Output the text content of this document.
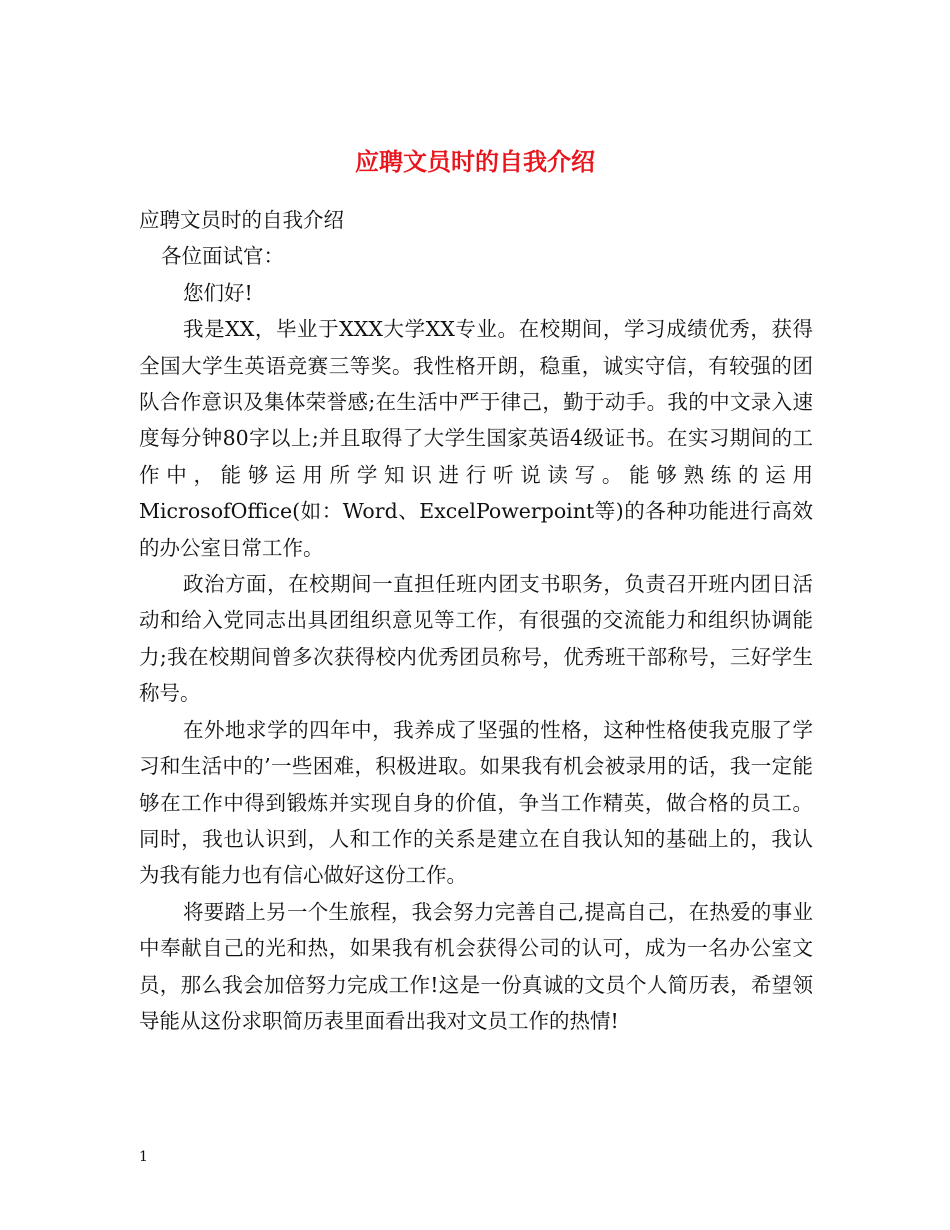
应聘文员时的自我介绍

应聘文员时的自我介绍

各位面试官：

您们好!

我是XX，毕业于XXX大学XX专业。在校期间，学习成绩优秀，获得全国大学生英语竞赛三等奖。我性格开朗，稳重，诚实守信，有较强的团队合作意识及集体荣誉感;在生活中严于律己，勤于动手。我的中文录入速度每分钟80字以上;并且取得了大学生国家英语4级证书。在实习期间的工作中，能够运用所学知识进行听说读写。能够熟练的运用MicrosofOffice(如：Word、ExcelPowerpoint等)的各种功能进行高效的办公室日常工作。

政治方面，在校期间一直担任班内团支书职务，负责召开班内团日活动和给入党同志出具团组织意见等工作，有很强的交流能力和组织协调能力;我在校期间曾多次获得校内优秀团员称号，优秀班干部称号，三好学生称号。

在外地求学的四年中，我养成了坚强的性格，这种性格使我克服了学习和生活中的’一些困难，积极进取。如果我有机会被录用的话，我一定能够在工作中得到锻炼并实现自身的价值，争当工作精英，做合格的员工。同时，我也认识到，人和工作的关系是建立在自我认知的基础上的，我认为我有能力也有信心做好这份工作。

将要踏上另一个生旅程，我会努力完善自己,提高自己，在热爱的事业中奉献自己的光和热，如果我有机会获得公司的认可，成为一名办公室文员，那么我会加倍努力完成工作!这是一份真诚的文员个人简历表，希望领导能从这份求职简历表里面看出我对文员工作的热情!

1
